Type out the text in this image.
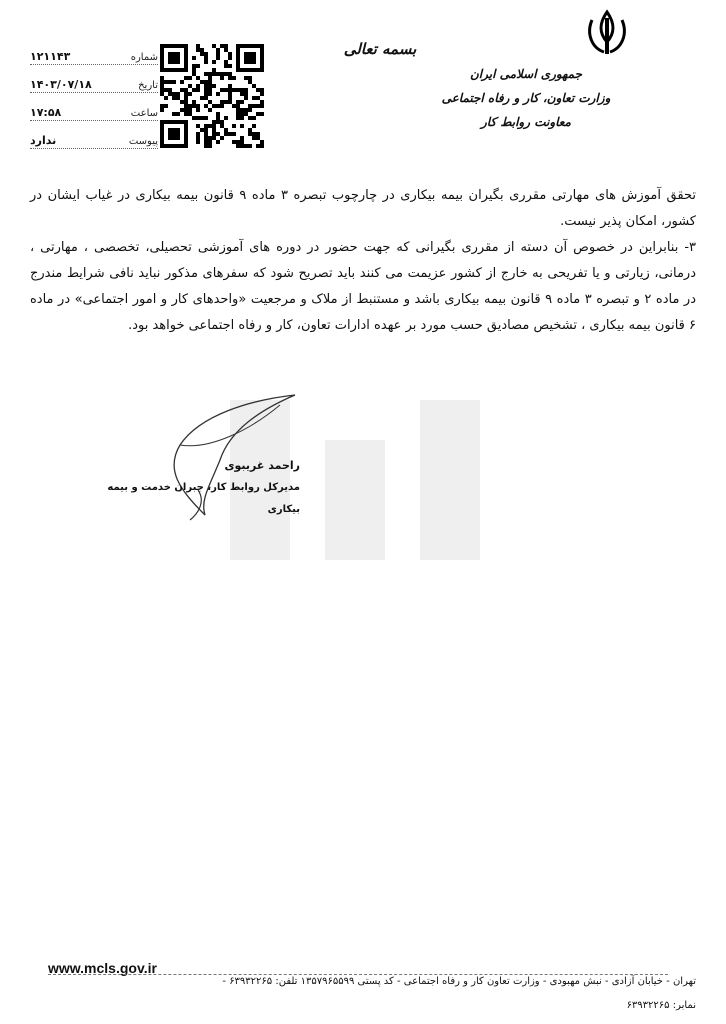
جمهوری اسلامی ایران
وزارت تعاون، کار و رفاه اجتماعی
معاونت روابط کار
بسمه تعالی
۱۲۱۱۴۳	شماره
۱۴۰۳/۰۷/۱۸	تاریخ
۱۷:۵۸	ساعت
ندارد	پیوست

تحقق آموزش های مهارتی مقرری بگیران بیمه بیکاری در چارچوب تبصره ۳ ماده ۹ قانون بیمه بیکاری در غیاب ایشان در کشور، امکان پذیر نیست.

۳- بنابراین در خصوص آن دسته از مقرری بگیرانی که جهت حضور در دوره های آموزشی تحصیلی، تخصصی ، مهارتی ، درمانی، زیارتی و یا تفریحی به خارج از کشور عزیمت می کنند باید تصریح شود که سفرهای مذکور نباید نافی شرایط مندرج در ماده ۲ و تبصره ۳ ماده ۹ قانون بیمه بیکاری باشد و مستنبط از ملاک و مرجعیت «واحدهای کار و امور اجتماعی» در ماده ۶ قانون بیمه بیکاری ، تشخیص مصادیق حسب مورد بر عهده ادارات تعاون، کار و رفاه اجتماعی خواهد بود.

راحمد غریبوی
مدیرکل روابط کار، جبران خدمت و بیمه بیکاری
www.mcls.gov.ir
تهران - خیابان آزادی - نبش مهبودی - وزارت تعاون کار و رفاه اجتماعی - کد پستی ۱۳۵۷۹۶۵۵۹۹ تلفن: ۶۳۹۳۲۲۶۵ -
نمابر: ۶۳۹۳۲۲۶۵
